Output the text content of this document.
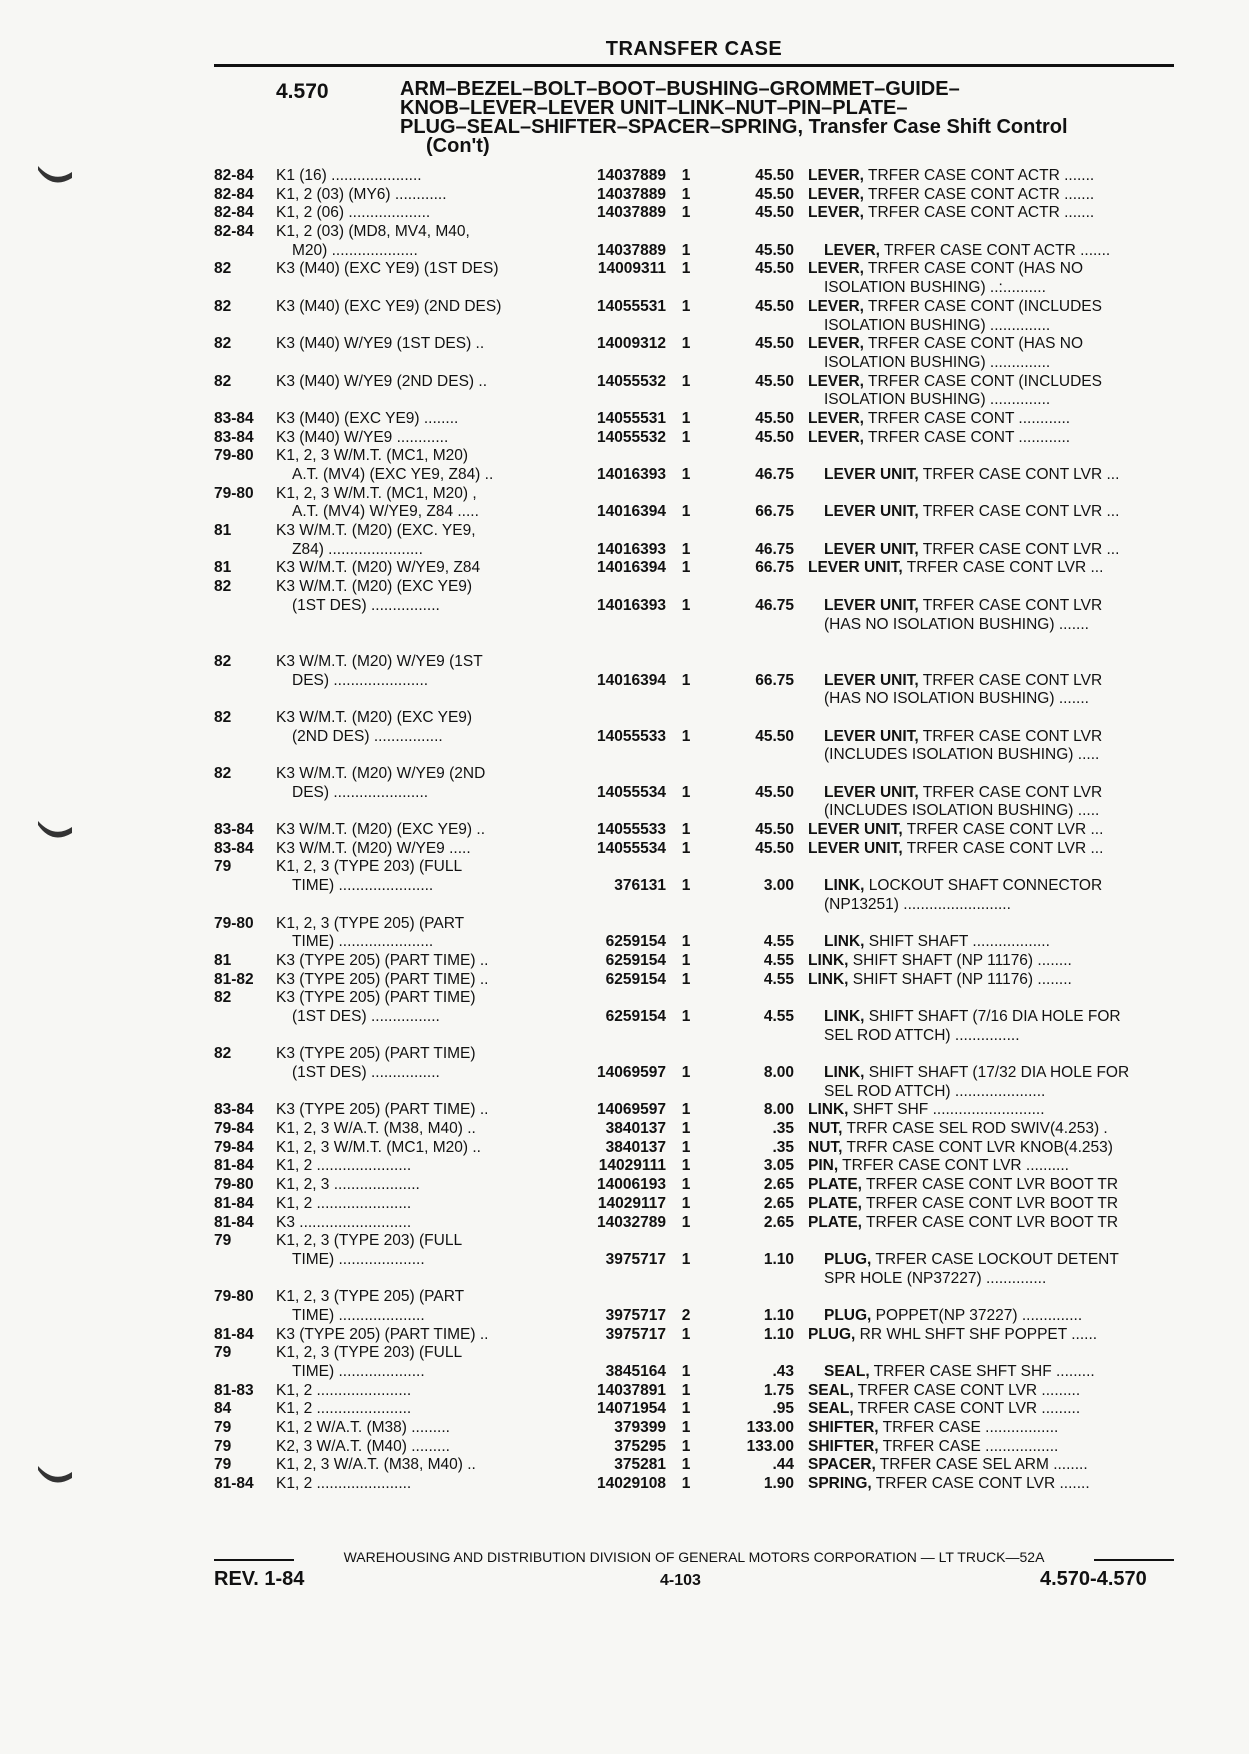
TRANSFER CASE
4.570	ARM–BEZEL–BOLT–BOOT–BUSHING–GROMMET–GUIDE–
KNOB–LEVER–LEVER UNIT–LINK–NUT–PIN–PLATE–
PLUG–SEAL–SHIFTER–SPACER–SPRING, Transfer Case Shift Control
(Con't)
82-84	K1 (16) .....................	14037889	1	45.50 LEVER, TRFER CASE CONT ACTR .......
82-84	K1, 2 (03) (MY6) ............	14037889	1	45.50 LEVER, TRFER CASE CONT ACTR .......
82-84	K1, 2 (06) ...................	14037889	1	45.50 LEVER, TRFER CASE CONT ACTR .......
82-84	K1, 2 (03) (MD8, MV4, M40,
M20) ....................	14037889	1	45.50	LEVER, TRFER CASE CONT ACTR .......
82	K3 (M40) (EXC YE9) (1ST DES)	14009311	1	45.50 LEVER, TRFER CASE CONT (HAS NO
ISOLATION BUSHING) ..:..........
82	K3 (M40) (EXC YE9) (2ND DES)	14055531	1	45.50 LEVER, TRFER CASE CONT (INCLUDES
ISOLATION BUSHING) ..............
82	K3 (M40) W/YE9 (1ST DES) ..	14009312	1	45.50 LEVER, TRFER CASE CONT (HAS NO
ISOLATION BUSHING) ..............
82	K3 (M40) W/YE9 (2ND DES) ..	14055532	1	45.50 LEVER, TRFER CASE CONT (INCLUDES
ISOLATION BUSHING) ..............
83-84	K3 (M40) (EXC YE9) ........	14055531	1	45.50 LEVER, TRFER CASE CONT ............
83-84	K3 (M40) W/YE9 ............	14055532	1	45.50 LEVER, TRFER CASE CONT ............
79-80	K1, 2, 3 W/M.T. (MC1, M20)
A.T. (MV4) (EXC YE9, Z84) ..	14016393	1	46.75	LEVER UNIT, TRFER CASE CONT LVR ...
79-80	K1, 2, 3 W/M.T. (MC1, M20) ,
A.T. (MV4) W/YE9, Z84 .....	14016394	1	66.75	LEVER UNIT, TRFER CASE CONT LVR ...
81	K3 W/M.T. (M20) (EXC. YE9,
Z84) ......................	14016393	1	46.75	LEVER UNIT, TRFER CASE CONT LVR ...
81	K3 W/M.T. (M20) W/YE9, Z84	14016394	1	66.75 LEVER UNIT, TRFER CASE CONT LVR ...
82	K3 W/M.T. (M20) (EXC YE9)
(1ST DES) ................	14016393	1	46.75	LEVER UNIT, TRFER CASE CONT LVR
(HAS NO ISOLATION BUSHING) .......
82	K3 W/M.T. (M20) W/YE9 (1ST
DES) ......................	14016394	1	66.75	LEVER UNIT, TRFER CASE CONT LVR
(HAS NO ISOLATION BUSHING) .......
82	K3 W/M.T. (M20) (EXC YE9)
(2ND DES) ................	14055533	1	45.50	LEVER UNIT, TRFER CASE CONT LVR
(INCLUDES ISOLATION BUSHING) .....
82	K3 W/M.T. (M20) W/YE9 (2ND
DES) ......................	14055534	1	45.50	LEVER UNIT, TRFER CASE CONT LVR
(INCLUDES ISOLATION BUSHING) .....
83-84	K3 W/M.T. (M20) (EXC YE9) ..	14055533	1	45.50 LEVER UNIT, TRFER CASE CONT LVR ...
83-84	K3 W/M.T. (M20) W/YE9 .....	14055534	1	45.50 LEVER UNIT, TRFER CASE CONT LVR ...
79	K1, 2, 3 (TYPE 203) (FULL
TIME) ......................	376131	1	3.00	LINK, LOCKOUT SHAFT CONNECTOR
(NP13251) .........................
79-80	K1, 2, 3 (TYPE 205) (PART
TIME) ......................	6259154	1	4.55	LINK, SHIFT SHAFT ..................
81	K3 (TYPE 205) (PART TIME) ..	6259154	1	4.55 LINK, SHIFT SHAFT (NP 11176) ........
81-82	K3 (TYPE 205) (PART TIME) ..	6259154	1	4.55 LINK, SHIFT SHAFT (NP 11176) ........
82	K3 (TYPE 205) (PART TIME)
(1ST DES) ................	6259154	1	4.55	LINK, SHIFT SHAFT (7/16 DIA HOLE FOR
SEL ROD ATTCH) ...............
82	K3 (TYPE 205) (PART TIME)
(1ST DES) ................	14069597	1	8.00	LINK, SHIFT SHAFT (17/32 DIA HOLE FOR
SEL ROD ATTCH) .....................
83-84	K3 (TYPE 205) (PART TIME) ..	14069597	1	8.00 LINK, SHFT SHF ..........................
79-84	K1, 2, 3 W/A.T. (M38, M40) ..	3840137	1	.35 NUT, TRFR CASE SEL ROD SWIV(4.253) .
79-84	K1, 2, 3 W/M.T. (MC1, M20) ..	3840137	1	.35 NUT, TRFR CASE CONT LVR KNOB(4.253)
81-84	K1, 2 ......................	14029111	1	3.05 PIN, TRFER CASE CONT LVR ..........
79-80	K1, 2, 3 ....................	14006193	1	2.65 PLATE, TRFER CASE CONT LVR BOOT TR
81-84	K1, 2 ......................	14029117	1	2.65 PLATE, TRFER CASE CONT LVR BOOT TR
81-84	K3 ..........................	14032789	1	2.65 PLATE, TRFER CASE CONT LVR BOOT TR
79	K1, 2, 3 (TYPE 203) (FULL
TIME) ....................	3975717	1	1.10	PLUG, TRFER CASE LOCKOUT DETENT
SPR HOLE (NP37227) ..............
79-80	K1, 2, 3 (TYPE 205) (PART
TIME) ....................	3975717	2	1.10	PLUG, POPPET(NP 37227) ..............
81-84	K3 (TYPE 205) (PART TIME) ..	3975717	1	1.10 PLUG, RR WHL SHFT SHF POPPET ......
79	K1, 2, 3 (TYPE 203) (FULL
TIME) ....................	3845164	1	.43	SEAL, TRFER CASE SHFT SHF .........
81-83	K1, 2 ......................	14037891	1	1.75 SEAL, TRFER CASE CONT LVR .........
84	K1, 2 ......................	14071954	1	.95 SEAL, TRFER CASE CONT LVR .........
79	K1, 2 W/A.T. (M38) .........	379399	1	133.00 SHIFTER, TRFER CASE .................
79	K2, 3 W/A.T. (M40) .........	375295	1	133.00 SHIFTER, TRFER CASE .................
79	K1, 2, 3 W/A.T. (M38, M40) ..	375281	1	.44 SPACER, TRFER CASE SEL ARM ........
81-84	K1, 2 ......................	14029108	1	1.90 SPRING, TRFER CASE CONT LVR .......
WAREHOUSING AND DISTRIBUTION DIVISION OF GENERAL MOTORS CORPORATION — LT TRUCK—52A
REV. 1-84	4-103	4.570-4.570
